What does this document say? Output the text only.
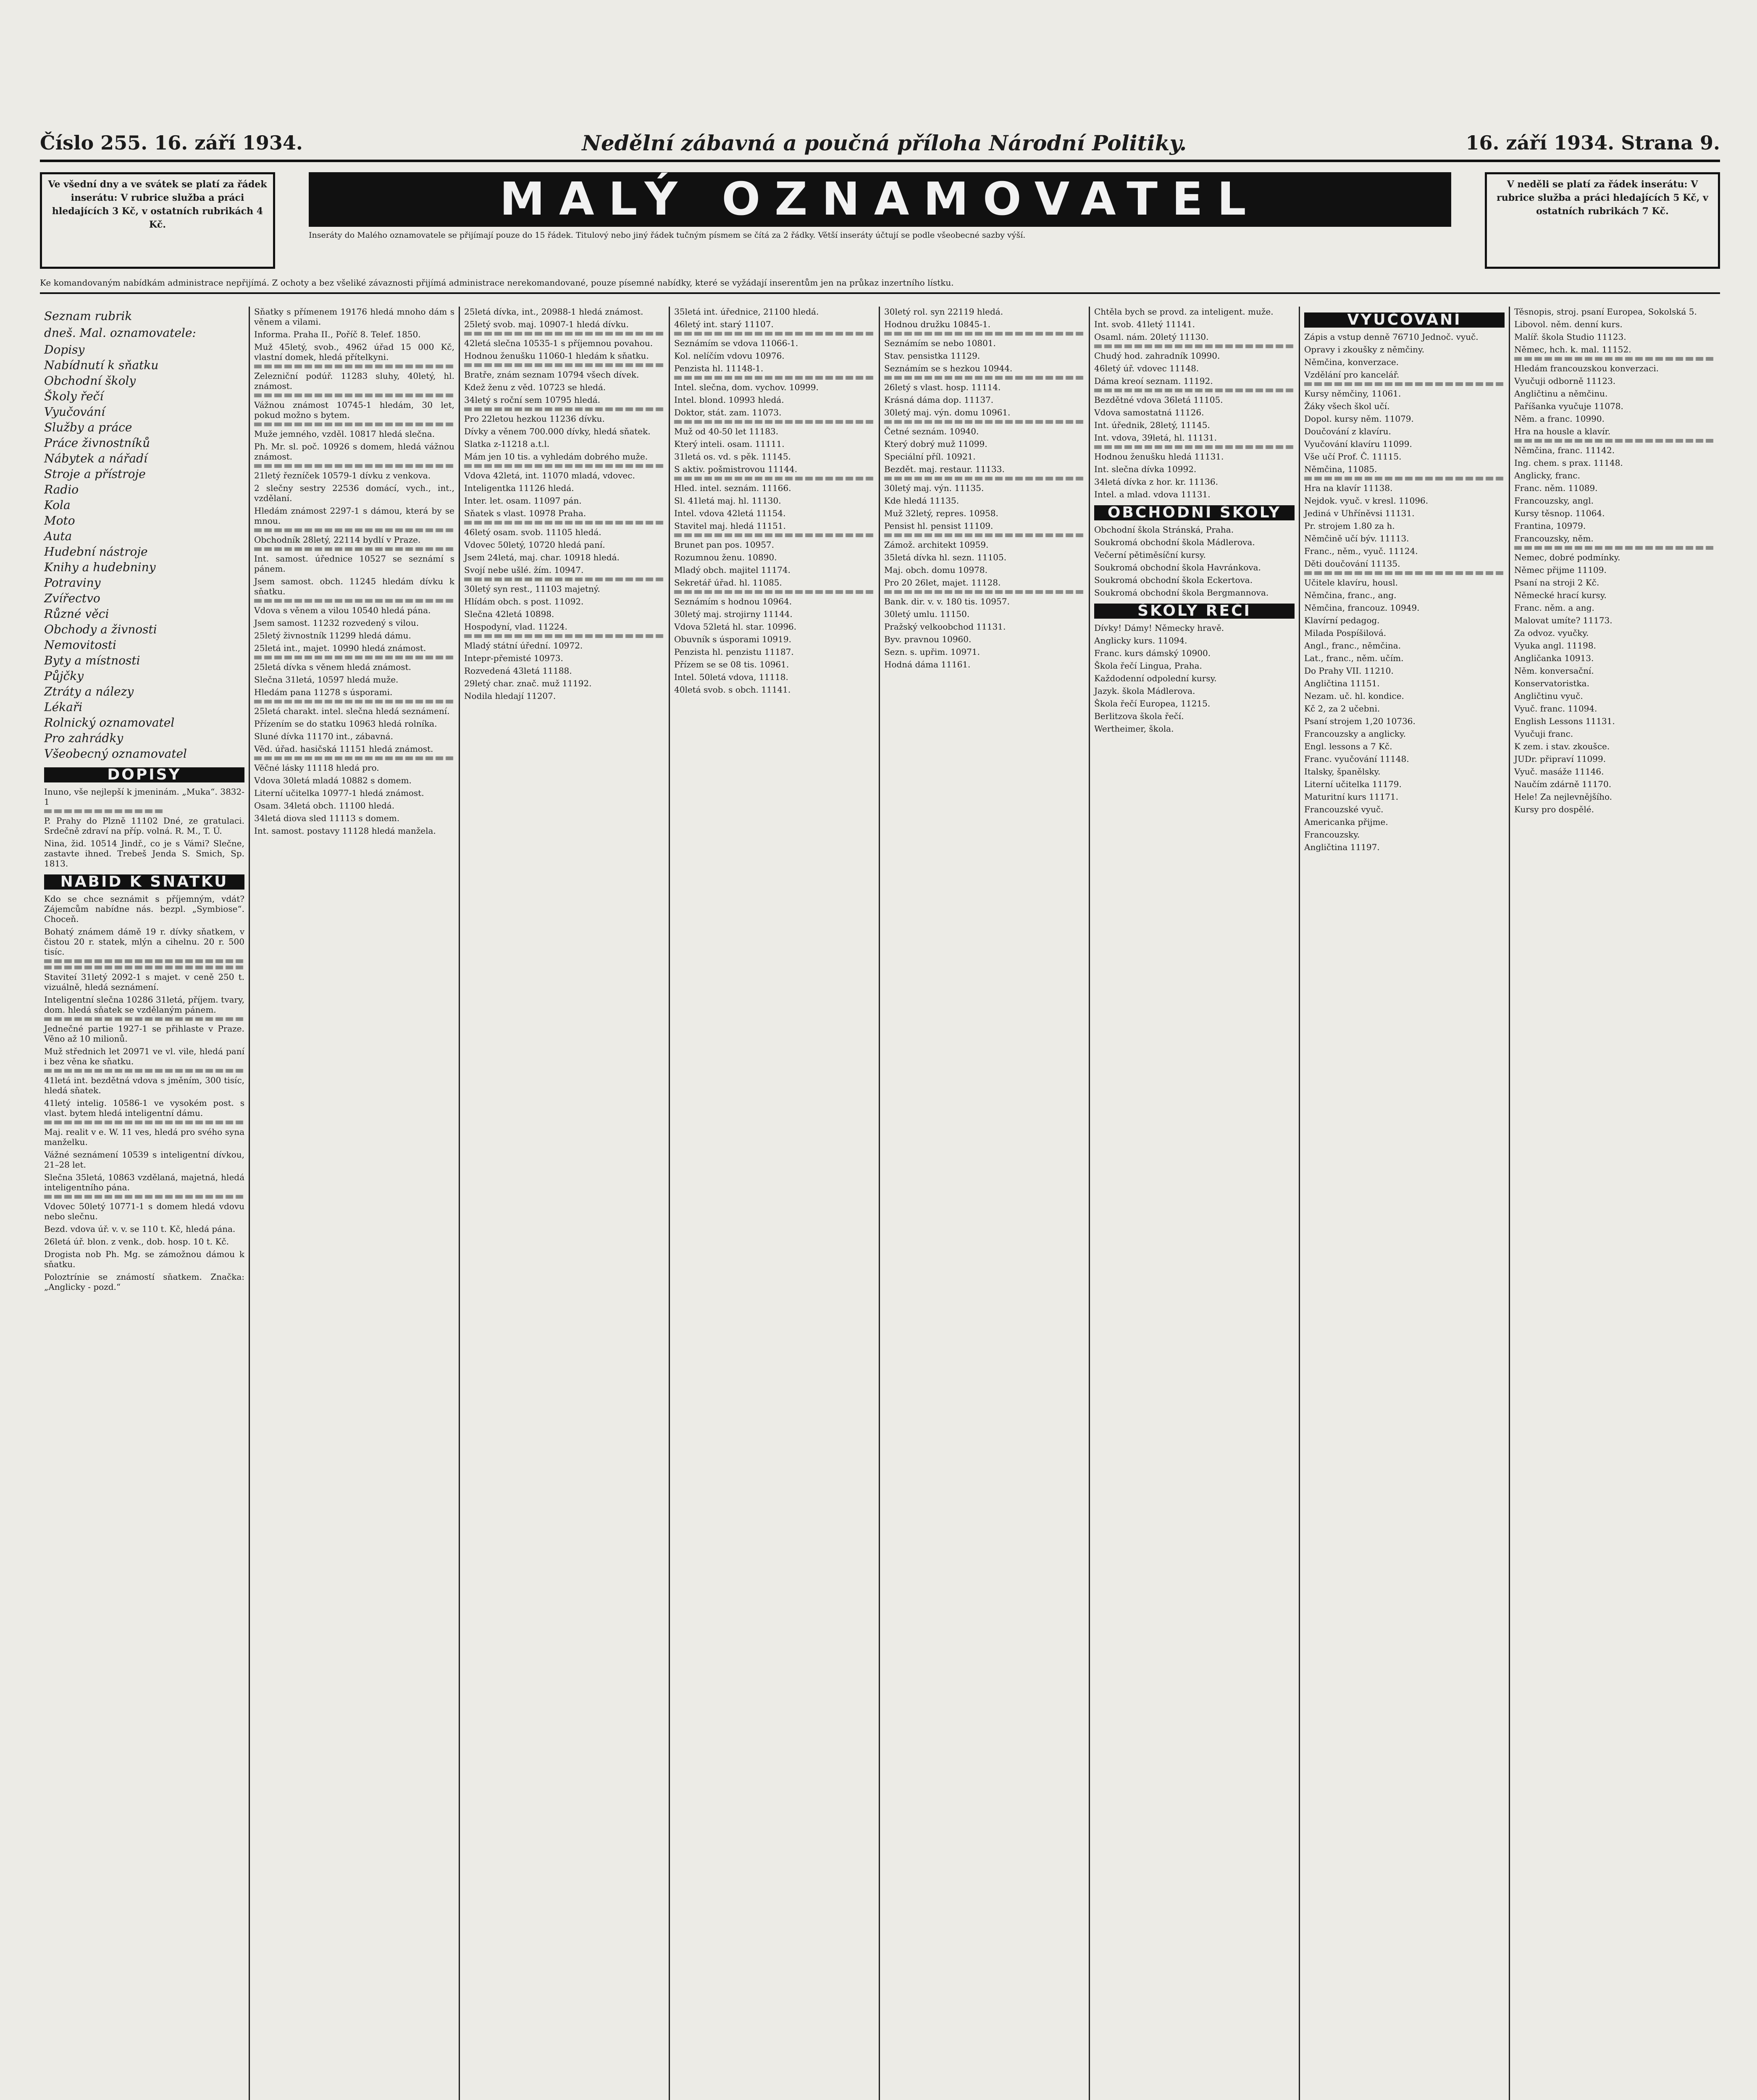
Číslo 255. 16. září 1934.	Nedělní zábavná a poučná příloha Národní Politiky.	16. září 1934. Strana 9.
Ve všední dny a ve svátek se platí za řádek inserátu: V rubrice služba a práci hledajících 3 Kč, v ostatních rubrikách 4 Kč.	MALÝ OZNAMOVATEL
Inseráty do Malého oznamovatele se přijímají pouze do 15 řádek. Titulový nebo jiný řádek tučným písmem se čítá za 2 řádky. Větší inseráty účtují se podle všeobecné sazby výší.
V neděli se platí za řádek inserátu: V rubrice služba a práci hledajících 5 Kč, v ostatních rubrikách 7 Kč.
Ke komandovaným nabídkám administrace nepřijímá. Z ochoty a bez všeliké závaznosti přijímá administrace nerekomandované, pouze písemné nabídky, které se vyžádají inserentům jen na průkaz inzertního lístku.
Seznam rubrik
dneš. Mal. oznamovatele:
Dopisy
Nabídnutí k sňatku
Obchodní školy
Školy řečí
Vyučování
Služby a práce
Práce živnostníků
Nábytek a nářadí
Stroje a přístroje
Radio
Kola
Moto
Auta
Hudební nástroje
Knihy a hudebniny
Potraviny
Zvířectvo
Různé věci
Obchody a živnosti
Nemovitosti
Byty a místnosti
Půjčky
Ztráty a nálezy
Lékaři
Rolnický oznamovatel
Pro zahrádky
Všeobecný oznamovatel
DOPISY
Inuno, vše nejlepší k jmeninám. „Muka“. 3832-1
P. Prahy do Plzně 11102 Dné, ze gratulaci. Srdečně zdraví na příp. volná. R. M., T. Ú.
Nina, žid. 10514 Jindř., co je s Vámi? Slečne, zastavte ihned. Trebeš Jenda S. Smich, Sp. 1813.
NABÍD K SŇATKU
Kdo se chce seznámit s příjemným, vdát? Zájemcům nabídne nás. bezpl. „Symbiose“. Choceň.
Bohatý známem dámě 19 r. dívky sňatkem, v čistou 20 r. statek, mlýn a cihelnu. 20 r. 500 tisíc.
Staviteí 31letý 2092-1 s majet. v ceně 250 t. vizuálně, hledá seznámení.
Inteligentní slečna 10286 31letá, příjem. tvary, dom. hledá sňatek se vzdělaným pánem.
Jednečné partie 1927-1 se přihlaste v Praze. Věno až 10 milionů.
Muž střednich let 20971 ve vl. vile, hledá paní i bez věna ke sňatku.
41letá int. bezdětná vdova s jměním, 300 tisíc, hledá sňatek.
41letý intelig. 10586-1 ve vysokém post. s vlast. bytem hledá inteligentní dámu.
Maj. realit v e. W. 11 ves, hledá pro svého syna manželku.
Vážné seznámení 10539 s inteligentní dívkou, 21–28 let.
Slečna 35letá, 10863 vzdělaná, majetná, hledá inteligentního pána.
Vdovec 50letý 10771-1 s domem hledá vdovu nebo slečnu.
Bezd. vdova úř. v. v. se 110 t. Kč, hledá pána.
26letá úř. blon. z venk., dob. hosp. 10 t. Kč.
Drogista nob Ph. Mg. se zámožnou dámou k sňatku.
Poloztrínie se známostí sňatkem. Značka: „Anglicky - pozd.“
Sňatky s přímenem 19176 hledá mnoho dám s věnem a vilami.
Informa. Praha II., Poříč 8. Telef. 1850.
Muž 45letý, svob., 4962 úřad 15 000 Kč, vlastní domek, hledá přítelkyni.
Zelezniční podúř. 11283 sluhy, 40letý, hl. známost.
Vážnou známost 10745-1 hledám, 30 let, pokud možno s bytem.
Muže jemného, vzděl. 10817 hledá slečna.
Ph. Mr. sl. poč. 10926 s domem, hledá vážnou známost.
21letý řezníček 10579-1 dívku z venkova.
2 slečny sestry 22536 domácí, vych., int., vzdělaní.
Hledám známost 2297-1 s dámou, která by se mnou.
Obchodník 28letý, 22114 bydlí v Praze.
Int. samost. úřednice 10527 se seznámí s pánem.
Jsem samost. obch. 11245 hledám dívku k sňatku.
Vdova s věnem a vilou 10540 hledá pána.
Jsem samost. 11232 rozvedený s vilou.
25letý živnostník 11299 hledá dámu.
25letá int., majet. 10990 hledá známost.
25letá dívka s věnem hledá známost.
Slečna 31letá, 10597 hledá muže.
Hledám pana 11278 s úsporami.
25letá charakt. intel. slečna hledá seznámení.
Přízením se do statku 10963 hledá rolníka.
Sluné dívka 11170 int., zábavná.
Věd. úřad. hasičská 11151 hledá známost.
Věčné lásky 11118 hledá pro.
Vdova 30letá mladá 10882 s domem.
Literní učitelka 10977-1 hledá známost.
Osam. 34letá obch. 11100 hledá.
34letá diova sled 11113 s domem.
Int. samost. postavy 11128 hledá manžela.
25letá dívka, int., 20988-1 hledá známost.
25letý svob. maj. 10907-1 hledá dívku.
42letá slečna 10535-1 s příjemnou povahou.
Hodnou ženušku 11060-1 hledám k sňatku.
Bratře, znám seznam 10794 všech dívek.
Kdež ženu z věd. 10723 se hledá.
34letý s roční sem 10795 hledá.
Pro 22letou hezkou 11236 dívku.
Dívky a věnem 700.000 dívky, hledá sňatek.
Slatka z-11218 a.t.l.
Mám jen 10 tis. a vyhledám dobrého muže.
Vdova 42letá, int. 11070 mladá, vdovec.
Inteligentka 11126 hledá.
Inter. let. osam. 11097 pán.
Sňatek s vlast. 10978 Praha.
46letý osam. svob. 11105 hledá.
Vdovec 50letý, 10720 hledá paní.
Jsem 24letá, maj. char. 10918 hledá.
Svojí nebe ušlé. žím. 10947.
30letý syn rest., 11103 majetný.
Hlídám obch. s post. 11092.
Slečna 42letá 10898.
Hospodyní, vlad. 11224.
Mladý státní úřední. 10972.
Intepr-přemisté 10973.
Rozvedená 43letá 11188.
29letý char. znač. muž 11192.
Nodila hledají 11207.
35letá int. úřednice, 21100 hledá.
46letý int. starý 11107.
Seznámím se vdova 11066-1.
Kol. nelíčím vdovu 10976.
Penzista hl. 11148-1.
Intel. slečna, dom. vychov. 10999.
Intel. blond. 10993 hledá.
Doktor, stát. zam. 11073.
Muž od 40-50 let 11183.
Který inteli. osam. 11111.
31letá os. vd. s pěk. 11145.
S aktiv. pošmistrovou 11144.
Hled. intel. seznám. 11166.
Sl. 41letá maj. hl. 11130.
Intel. vdova 42letá 11154.
Stavitel maj. hledá 11151.
Brunet pan pos. 10957.
Rozumnou ženu. 10890.
Mladý obch. majitel 11174.
Sekretář úřad. hl. 11085.
Seznámím s hodnou 10964.
30letý maj. strojirny 11144.
Vdova 52letá hl. star. 10996.
Obuvník s úsporami 10919.
Penzista hl. penzistu 11187.
Přízem se se 08 tis. 10961.
Intel. 50letá vdova, 11118.
40letá svob. s obch. 11141.
30letý rol. syn 22119 hledá.
Hodnou družku 10845-1.
Seznámím se nebo 10801.
Stav. pensistka 11129.
Seznámím se s hezkou 10944.
26letý s vlast. hosp. 11114.
Krásná dáma dop. 11137.
30letý maj. výn. domu 10961.
Četné seznám. 10940.
Který dobrý muž 11099.
Speciální příl. 10921.
Bezdět. maj. restaur. 11133.
30letý maj. výn. 11135.
Kde hledá 11135.
Muž 32letý, repres. 10958.
Pensist hl. pensist 11109.
Zámož. architekt 10959.
35letá dívka hl. sezn. 11105.
Maj. obch. domu 10978.
Pro 20 26let, majet. 11128.
Bank. dir. v. v. 180 tis. 10957.
30letý umlu. 11150.
Pražský velkoobchod 11131.
Byv. pravnou 10960.
Sezn. s. upřim. 10971.
Hodná dáma 11161.
Chtěla bych se provd. za inteligent. muže.
Int. svob. 41letý 11141.
Osaml. nám. 20letý 11130.
Chudý hod. zahradník 10990.
46letý úř. vdovec 11148.
Dáma kreoí seznam. 11192.
Bezdětné vdova 36letá 11105.
Vdova samostatná 11126.
Int. úřednik, 28letý, 11145.
Int. vdova, 39letá, hl. 11131.
Hodnou ženušku hledá 11131.
Int. slečna dívka 10992.
34letá dívka z hor. kr. 11136.
Intel. a mlad. vdova 11131.
OBCHODNÍ ŠKOLY
Obchodní škola Stránská, Praha.
Soukromá obchodní škola Mádlerova.
Večerní pětiměsíční kursy.
Soukromá obchodní škola Havránkova.
Soukromá obchodní škola Eckertova.
Soukromá obchodní škola Bergmannova.
ŠKOLY ŘEČÍ
Dívky! Dámy! Německy hravě.
Anglicky kurs. 11094.
Franc. kurs dámský 10900.
Škola řečí Lingua, Praha.
Každodenní odpolední kursy.
Jazyk. škola Mádlerova.
Škola řečí Europea, 11215.
Berlitzova škola řečí.
Wertheimer, škola.
VYUČOVÁNÍ
Zápis a vstup denně 76710 Jednoč. vyuč.
Opravy i zkoušky z němčiny.
Němčina, konverzace.
Vzdělání pro kancelář.
Kursy němčiny, 11061.
Žáky všech škol učí.
Dopol. kursy něm. 11079.
Doučování z klavíru.
Vyučování klavíru 11099.
Vše učí Prof. Č. 11115.
Němčina, 11085.
Hra na klavír 11138.
Nejdok. vyuč. v kresl. 11096.
Jediná v Uhříněvsi 11131.
Pr. strojem 1.80 za h.
Němčině učí býv. 11113.
Franc., něm., vyuč. 11124.
Děti doučování 11135.
Učitele klavíru, housl.
Němčina, franc., ang.
Němčina, francouz. 10949.
Klavírní pedagog.
Milada Pospíšilová.
Angl., franc., němčina.
Lat., franc., něm. učím.
Do Prahy VII. 11210.
Angličtina 11151.
Nezam. uč. hl. kondice.
Kč 2, za 2 učebni.
Psaní strojem 1,20 10736.
Francouzsky a anglicky.
Engl. lessons a 7 Kč.
Franc. vyučování 11148.
Italsky, španělsky.
Literní učitelka 11179.
Maturitní kurs 11171.
Francouzské vyuč.
Americanka přijme.
Francouzsky.
Angličtina 11197.
Těsnopis, stroj. psaní Europea, Sokolská 5.
Libovol. něm. denní kurs.
Malíř. škola Studio 11123.
Němec, hch. k. mal. 11152.
Hledám francouzskou konverzaci.
Vyučuji odborně 11123.
Angličtinu a němčinu.
Paříšanka vyučuje 11078.
Něm. a franc. 10990.
Hra na housle a klavír.
Němčina, franc. 11142.
Ing. chem. s prax. 11148.
Anglicky, franc.
Franc. něm. 11089.
Francouzsky, angl.
Kursy těsnop. 11064.
Frantina, 10979.
Francouzsky, něm.
Nemec, dobré podmínky.
Němec přijme 11109.
Psaní na stroji 2 Kč.
Německé hrací kursy.
Franc. něm. a ang.
Malovat umíte? 11173.
Za odvoz. vyučky.
Vyuka angl. 11198.
Angličanka 10913.
Něm. konversační.
Konservatoristka.
Angličtinu vyuč.
Vyuč. franc. 11094.
English Lessons 11131.
Vyučuji franc.
K zem. i stav. zkoušce.
JUDr. připraví 11099.
Vyuč. masáže 11146.
Naučím zdárně 11170.
Hele! Za nejlevnějšího.
Kursy pro dospělé.
